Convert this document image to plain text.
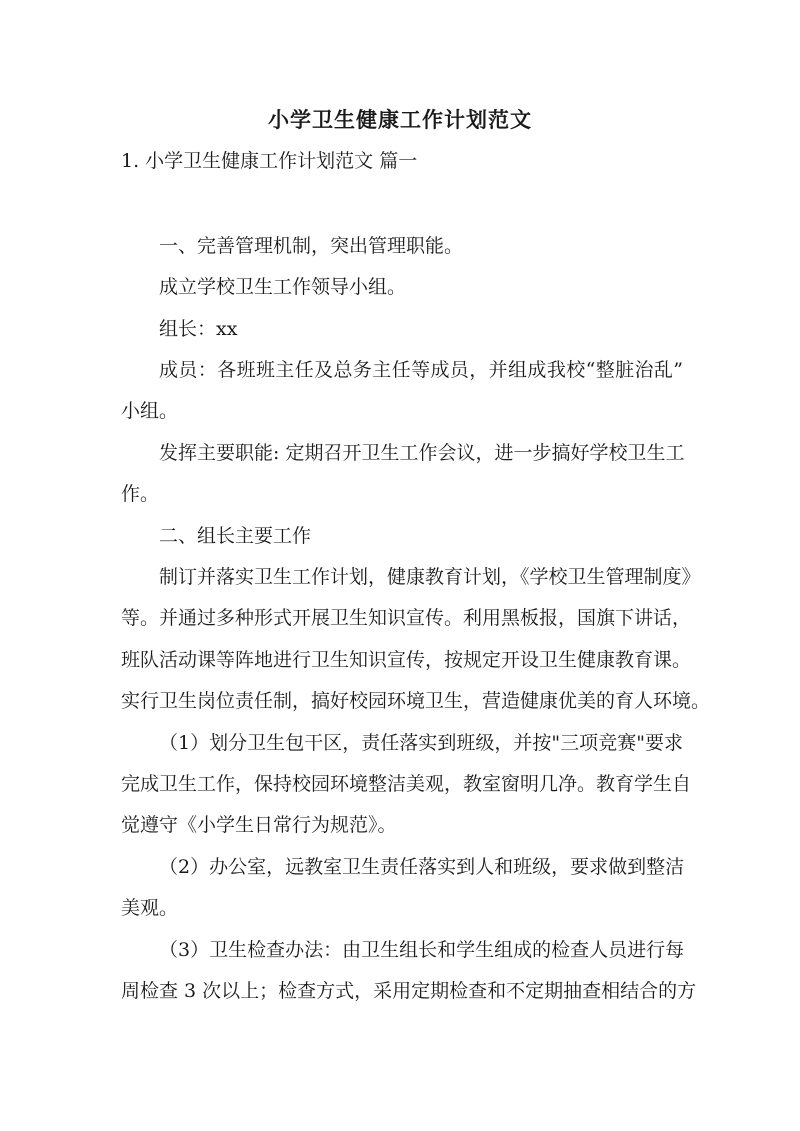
小学卫生健康工作计划范文
1. 小学卫生健康工作计划范文 篇一
一、完善管理机制，突出管理职能。
成立学校卫生工作领导小组。
组长：xx
成员：各班班主任及总务主任等成员，并组成我校“整脏治乱”
小组。
发挥主要职能: 定期召开卫生工作会议，进一步搞好学校卫生工
作。
二、组长主要工作
制订并落实卫生工作计划，健康教育计划，《学校卫生管理制度》
等。并通过多种形式开展卫生知识宣传。利用黑板报，国旗下讲话，
班队活动课等阵地进行卫生知识宣传，按规定开设卫生健康教育课。
实行卫生岗位责任制，搞好校园环境卫生，营造健康优美的育人环境。
（1）划分卫生包干区，责任落实到班级，并按"三项竞赛"要求
完成卫生工作，保持校园环境整洁美观，教室窗明几净。教育学生自
觉遵守《小学生日常行为规范》。
（2）办公室，远教室卫生责任落实到人和班级，要求做到整洁
美观。
（3）卫生检查办法：由卫生组长和学生组成的检查人员进行每
周检查 3 次以上；检查方式，采用定期检查和不定期抽查相结合的方
